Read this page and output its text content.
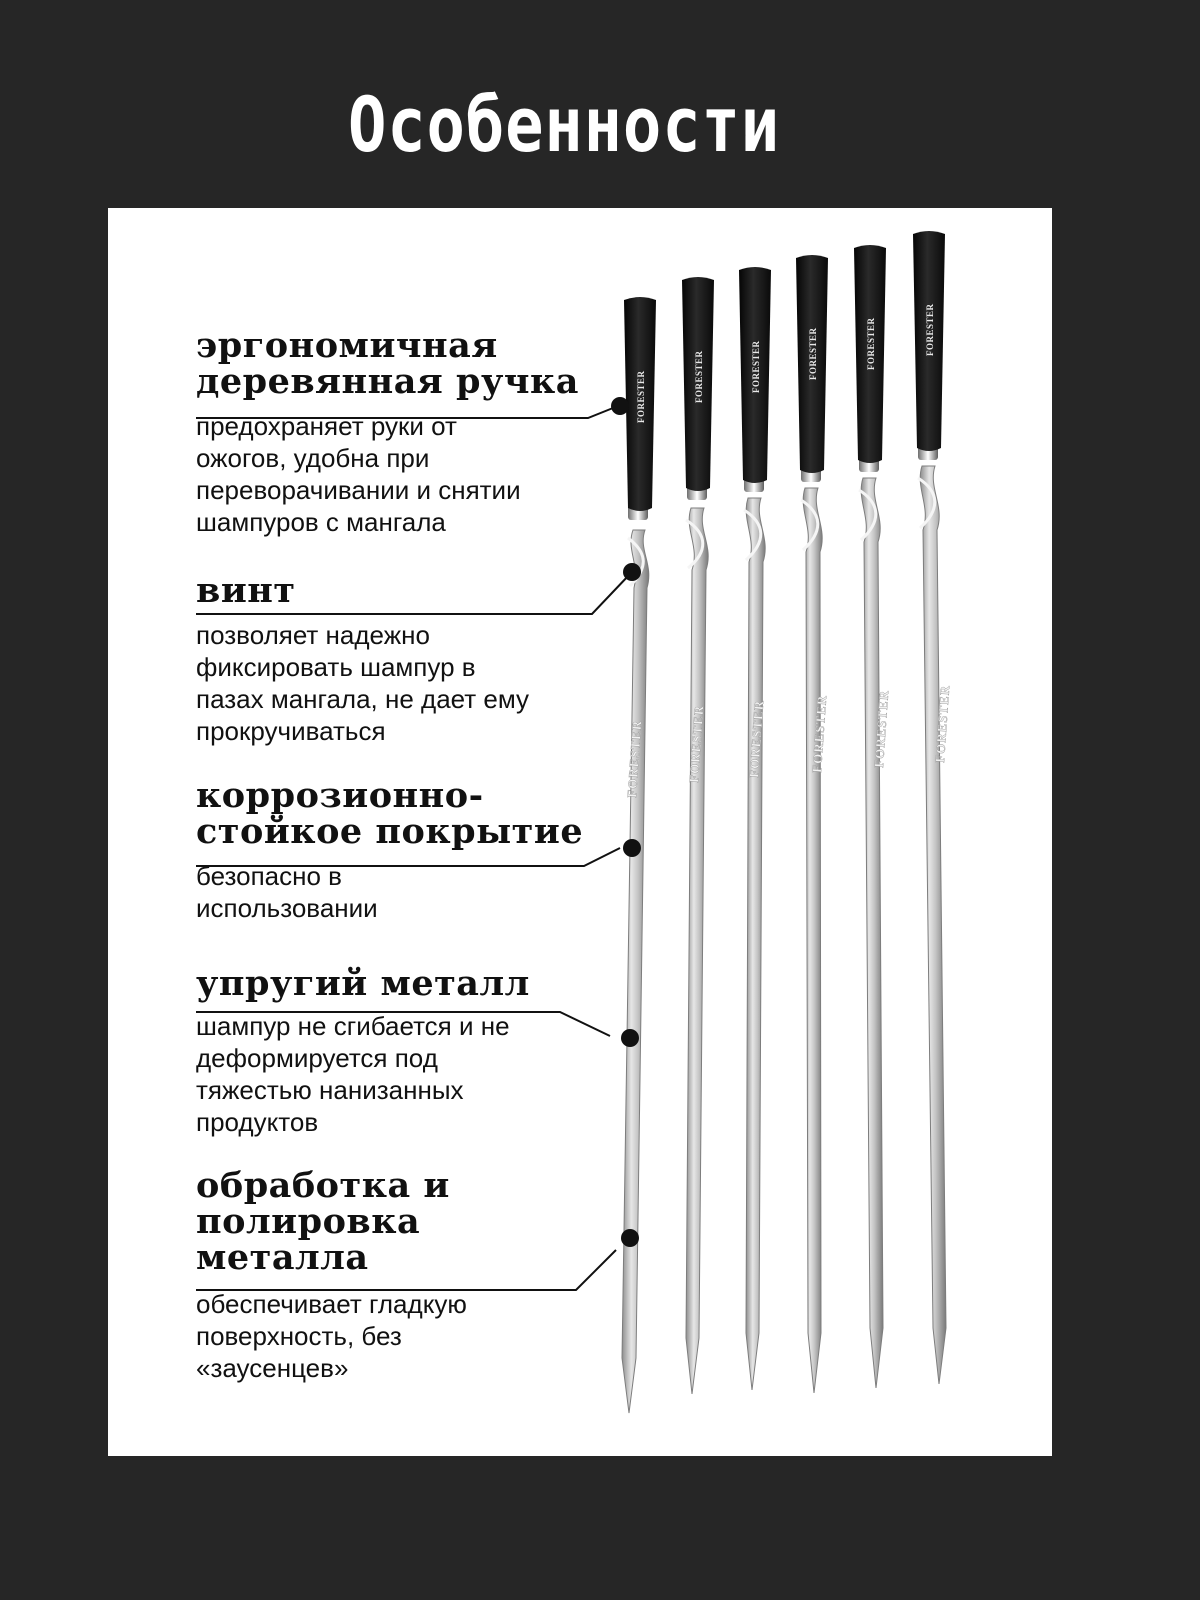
Особенности
FORESTER
FORESTER
FORESTER
FORESTER
FORESTER
FORESTER
FORESTER
FORESTER
FORESTER
FORESTER
FORESTER
FORESTER

эргономичная
деревянная ручка

предохраняет руки от
ожогов, удобна при
переворачивании и снятии
шампуров с мангала

винт

позволяет надежно
фиксировать шампур в
пазах мангала, не дает ему
прокручиваться

коррозионно-
стойкое покрытие

безопасно в
использовании

упругий металл

шампур не сгибается и не
деформируется под
тяжестью нанизанных
продуктов

обработка и
полировка
металла

обеспечивает гладкую
поверхность, без
«заусенцев»
